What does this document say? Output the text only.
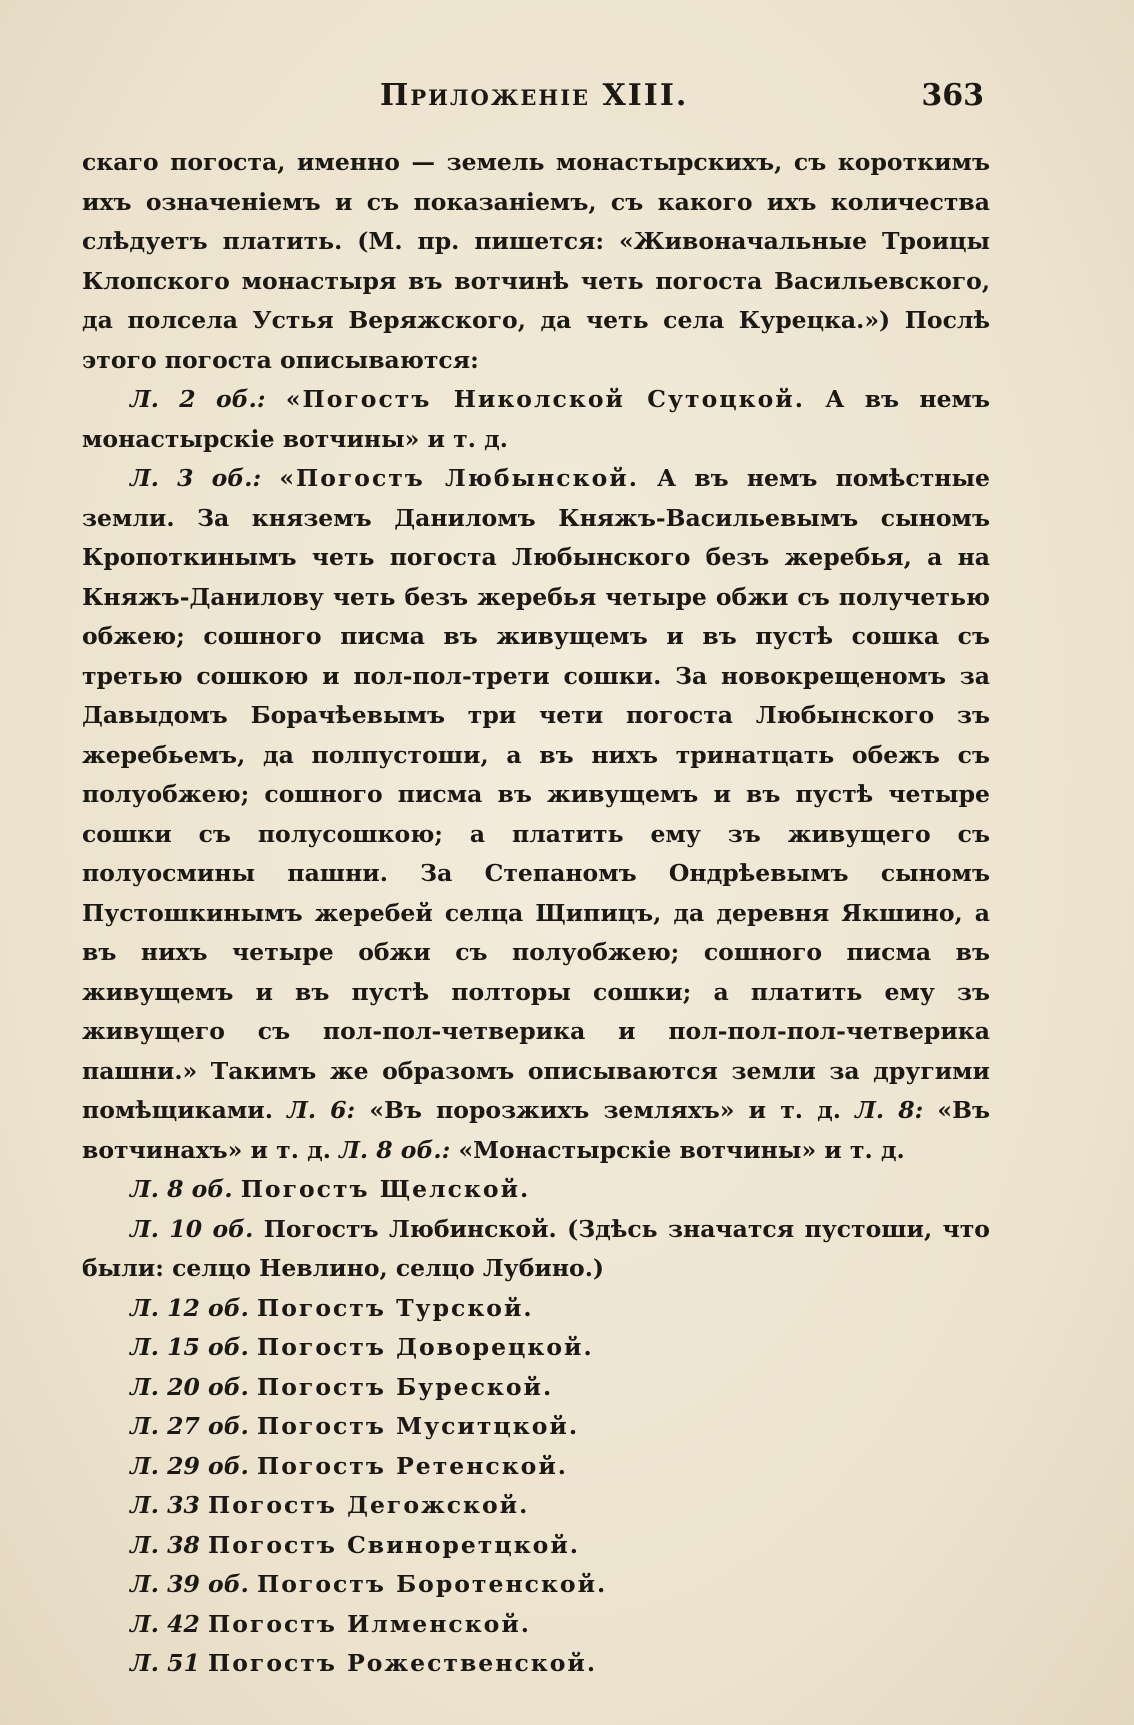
Приложеніе XIII.	363

скаго погоста, именно — земель монастырскихъ, съ короткимъ ихъ означеніемъ и съ показаніемъ, съ какого ихъ количества слѣдуетъ платить. (М. пр. пишется: «Живоначальные Троицы Клопского монастыря въ вотчинѣ четь погоста Васильевского, да полсела Устья Веряжского, да четь села Курецка.») Послѣ этого погоста описываются:

Л. 2 об.: «Погостъ Николской Сутоцкой. А въ немъ монастырскіе вотчины» и т. д.

Л. 3 об.: «Погостъ Любынской. А въ немъ помѣстные земли. За княземъ Даниломъ Княжъ-Васильевымъ сыномъ Кропоткинымъ четь погоста Любынского безъ жеребья, а на Княжъ-Данилову четь безъ жеребья четыре обжи съ получетью обжею; сошного писма въ живущемъ и въ пустѣ сошка съ третью сошкою и пол-пол-трети сошки. За новокрещеномъ за Давыдомъ Борачѣевымъ три чети погоста Любынского зъ жеребьемъ, да полпустоши, а въ нихъ тринатцать обежъ съ полуобжею; сошного писма въ живущемъ и въ пустѣ четыре сошки съ полусошкою; а платить ему зъ живущего съ полуосмины пашни. За Степаномъ Ондрѣевымъ сыномъ Пустошкинымъ жеребей селца Щипицъ, да деревня Якшино, а въ нихъ четыре обжи съ полуобжею; сошного писма въ живущемъ и въ пустѣ полторы сошки; а платить ему зъ живущего съ пол-пол-четверика и пол-пол-пол-четверика пашни.» Такимъ же образомъ описываются земли за другими помѣщиками. Л. 6: «Въ порозжихъ земляхъ» и т. д. Л. 8: «Въ вотчинахъ» и т. д. Л. 8 об.: «Монастырскіе вотчины» и т. д.

Л. 8 об. Погостъ Щелской.

Л. 10 об. Погостъ Любинской. (Здѣсь значатся пустоши, что были: селцо Невлино, селцо Лубино.)

Л. 12 об. Погостъ Турской.

Л. 15 об. Погостъ Доворецкой.

Л. 20 об. Погостъ Буреской.

Л. 27 об. Погостъ Муситцкой.

Л. 29 об. Погостъ Ретенской.

Л. 33 Погостъ Дегожской.

Л. 38 Погостъ Свиноретцкой.

Л. 39 об. Погостъ Боротенской.

Л. 42 Погостъ Илменской.

Л. 51 Погостъ Рожественской.
